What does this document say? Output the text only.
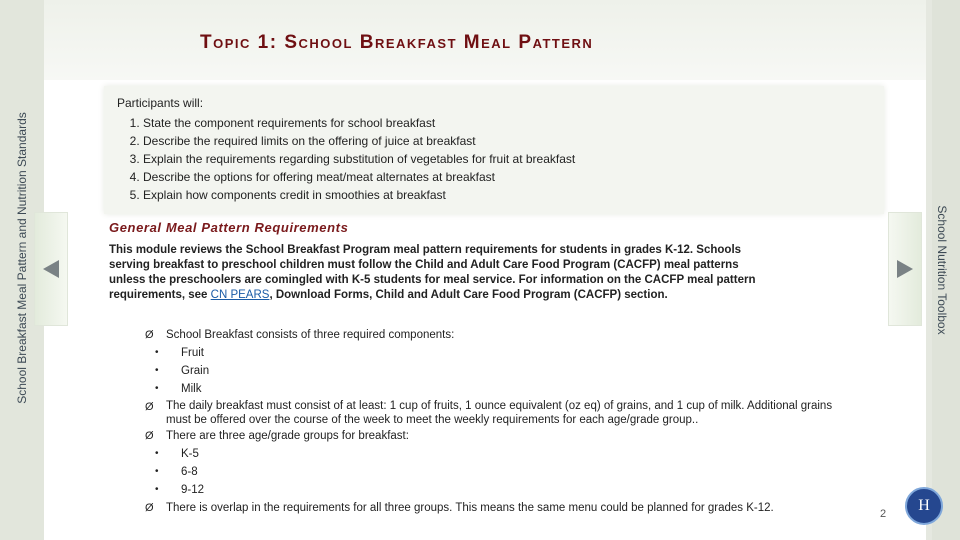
School Breakfast Meal Pattern and Nutrition Standards	School Nutrition Toolbox
Topic 1: School Breakfast Meal Pattern
Participants will:
1. State the component requirements for school breakfast
2. Describe the required limits on the offering of juice at breakfast
3. Explain the requirements regarding substitution of vegetables for fruit at breakfast
4. Describe the options for offering meat/meat alternates at breakfast
5. Explain how components credit in smoothies at breakfast
General Meal Pattern Requirements

This module reviews the School Breakfast Program meal pattern requirements for students in grades K-12. Schools serving breakfast to preschool children must follow the Child and Adult Care Food Program (CACFP) meal patterns unless the preschoolers are comingled with K-5 students for meal service. For information on the CACFP meal pattern requirements, see CN PEARS, Download Forms, Child and Adult Care Food Program (CACFP) section.

Ø School Breakfast consists of three required components:
• Fruit
• Grain
• Milk
Ø The daily breakfast must consist of at least: 1 cup of fruits, 1 ounce equivalent (oz eq) of grains, and 1 cup of milk. Additional grains must be offered over the course of the week to meet the weekly requirements for each age/grade group..
Ø There are three age/grade groups for breakfast:
• K-5
• 6-8
• 9-12
Ø There is overlap in the requirements for all three groups. This means the same menu could be planned for grades K-12.	2	H
